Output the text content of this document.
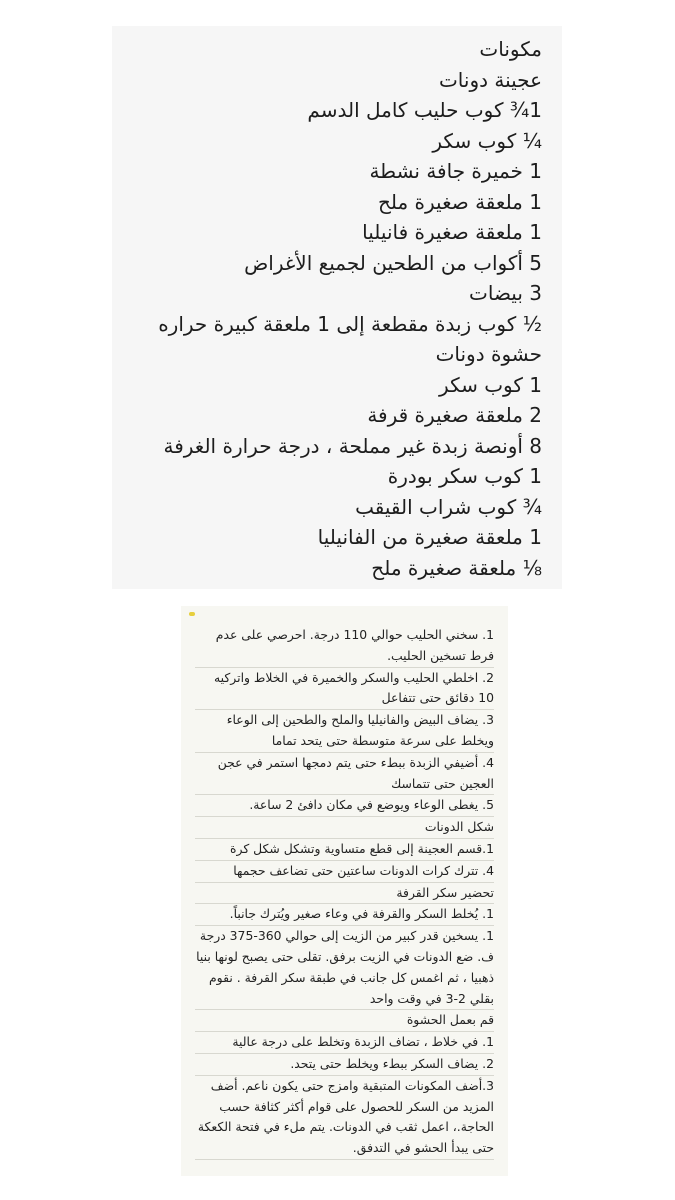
مكونات
عجينة دونات
1¾ كوب حليب كامل الدسم
¼ كوب سكر
1 خميرة جافة نشطة
1 ملعقة صغيرة ملح
1 ملعقة صغيرة فانيليا
5 أكواب من الطحين لجميع الأغراض
3 بيضات
½ كوب زبدة مقطعة إلى 1 ملعقة كبيرة حراره
حشوة دونات
1 كوب سكر
2 ملعقة صغيرة قرفة
8 أونصة زبدة غير مملحة ، درجة حرارة الغرفة
1 كوب سكر بودرة
¾ كوب شراب القيقب
1 ملعقة صغيرة من الفانيليا
⅛ ملعقة صغيرة ملح

1. سخني الحليب حوالي 110 درجة. احرصي على عدم فرط تسخين الحليب.

2. اخلطي الحليب والسكر والخميرة في الخلاط واتركيه 10 دقائق حتى تتفاعل

3. يضاف البيض والفانيليا والملح والطحين إلى الوعاء ويخلط على سرعة متوسطة حتى يتحد تماما

4. أضيفي الزبدة ببطء حتى يتم دمجها استمر في عجن العجين حتى تتماسك

5. يغطى الوعاء ويوضع في مكان دافئ 2 ساعة.

شكل الدونات

1.قسم العجينة إلى قطع متساوية وتشكل شكل كرة

4. تترك كرات الدونات ساعتين حتى تضاعف حجمها

تحضير سكر القرفة

1. يُخلط السكر والقرفة في وعاء صغير ويُترك جانباً.

1. يسخين قدر كبير من الزيت إلى حوالي 360-375 درجة ف. ضع الدونات في الزيت برفق. تقلى حتى يصبح لونها بنيا ذهبيا ، ثم اغمس كل جانب في طبقة سكر القرفة . نقوم بقلي 2-3 في وقت واحد

قم بعمل الحشوة

1. في خلاط ، تضاف الزبدة وتخلط على درجة عالية

2. يضاف السكر ببطء ويخلط حتى يتحد.

3.أضف المكونات المتبقية وامزج حتى يكون ناعم. أضف المزيد من السكر للحصول على قوام أكثر كثافة حسب الحاجة.، اعمل ثقب في الدونات. يتم ملء في فتحة الكعكة حتى يبدأ الحشو في التدفق.
